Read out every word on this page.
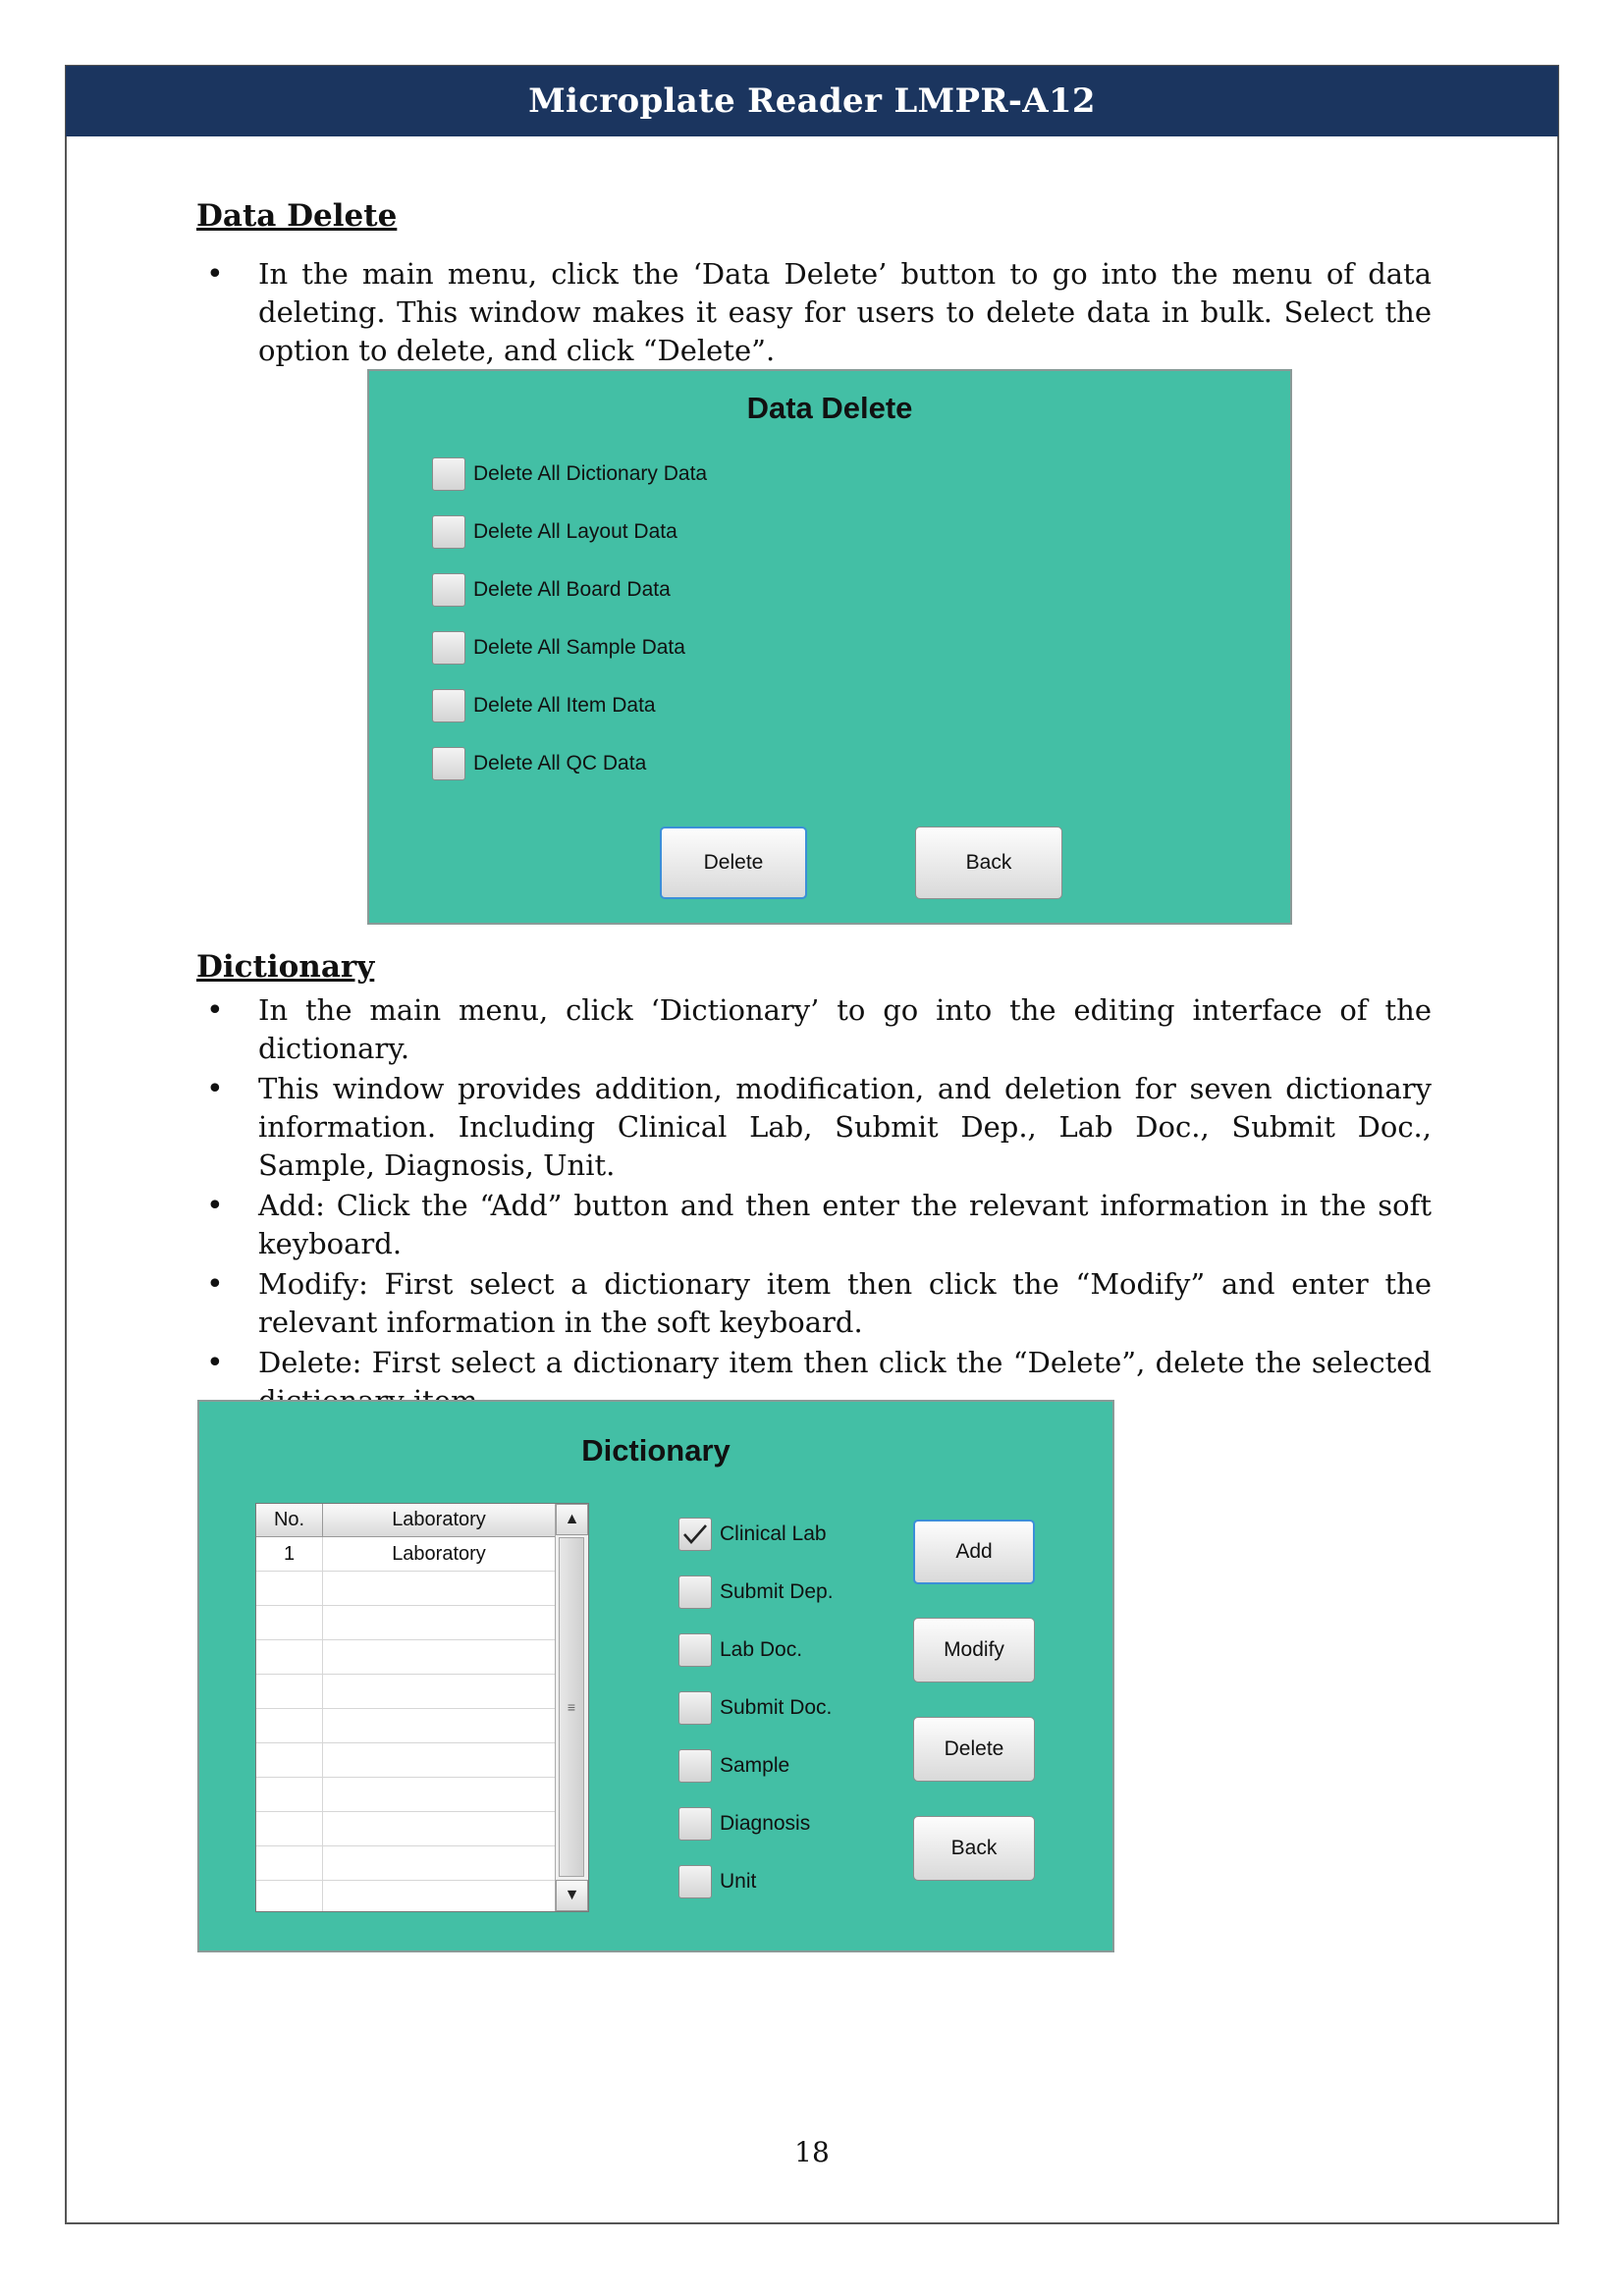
Microplate Reader LMPR-A12
Data Delete
• In the main menu, click the ‘Data Delete’ button to go into the menu of data deleting. This window makes it easy for users to delete data in bulk. Select the option to delete, and click “Delete”.
Data Delete
Delete All Dictionary Data
Delete All Layout Data
Delete All Board Data
Delete All Sample Data
Delete All Item Data
Delete All QC Data
Delete	Back
Dictionary
• In the main menu, click ‘Dictionary’ to go into the editing interface of the dictionary.
• This window provides addition, modification, and deletion for seven dictionary information. Including Clinical Lab, Submit Dep., Lab Doc., Submit Doc., Sample, Diagnosis, Unit.
• Add: Click the “Add” button and then enter the relevant information in the soft keyboard.
• Modify: First select a dictionary item then click the “Modify” and enter the relevant information in the soft keyboard.
• Delete: First select a dictionary item then click the “Delete”, delete the selected
Dictionary
No.	Laboratory
1	Laboratory
▲
≡
▼
Clinical Lab
Submit Dep.
Lab Doc.
Submit Doc.
Sample
Diagnosis
Unit
Add
Modify
Delete
Back
18
